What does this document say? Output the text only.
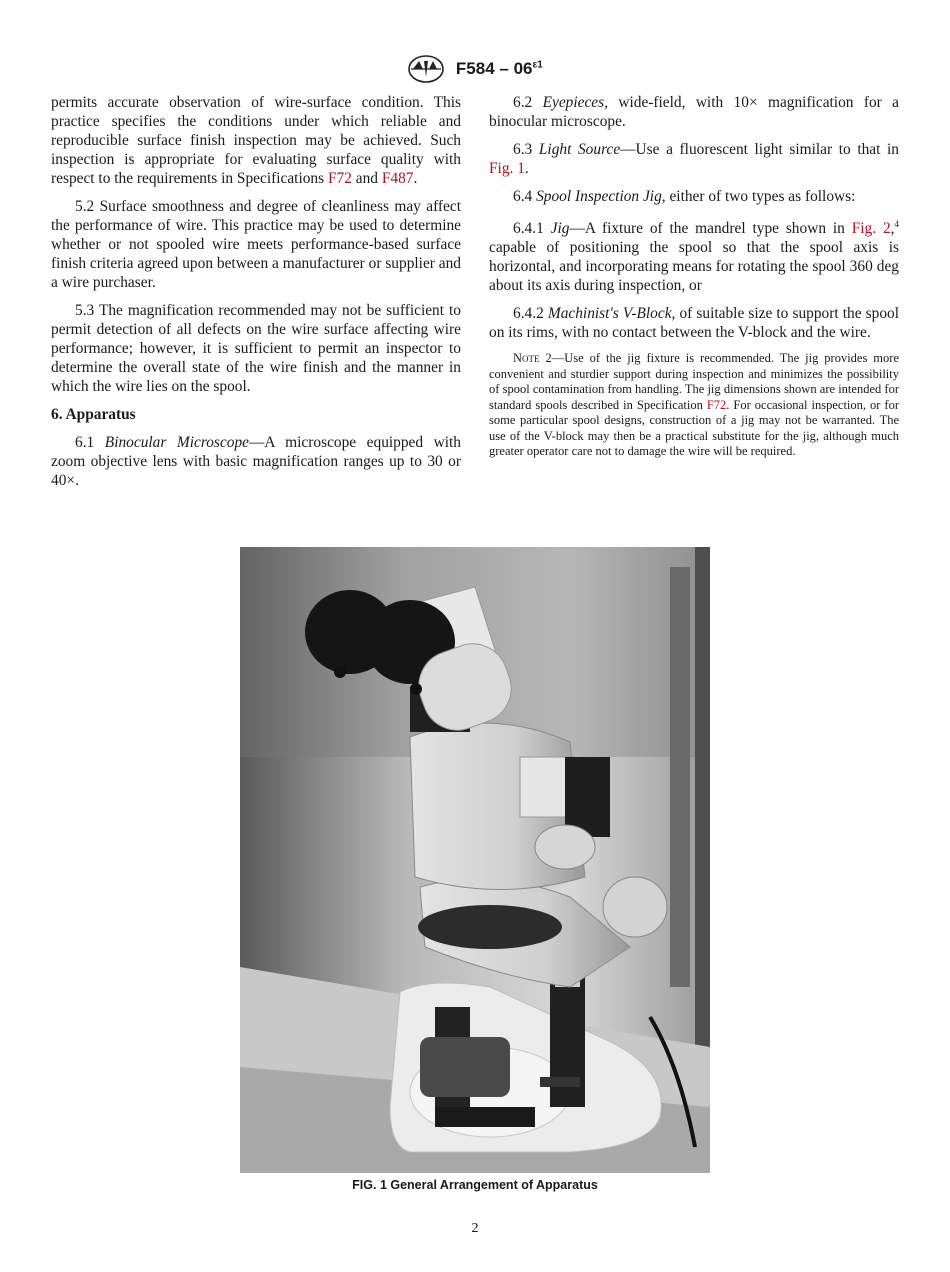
$F584 - 06^{\varepsilon 1}$

permits accurate observation of wire-surface condition. This practice specifies the conditions under which reliable and reproducible surface finish inspection may be achieved. Such inspection is appropriate for evaluating surface quality with respect to the requirements in Specifications F72 and F487.

5.2 Surface smoothness and degree of cleanliness may affect the performance of wire. This practice may be used to determine whether or not spooled wire meets performance-based surface finish criteria agreed upon between a manufacturer or supplier and a wire purchaser.

5.3 The magnification recommended may not be sufficient to permit detection of all defects on the wire surface affecting wire performance; however, it is sufficient to permit an inspector to determine the overall state of the wire finish and the manner in which the wire lies on the spool.

6. Apparatus

6.1 Binocular Microscope—A microscope equipped with zoom objective lens with basic magnification ranges up to 30 or 40×.

6.2 Eyepieces, wide-field, with 10× magnification for a binocular microscope.

6.3 Light Source—Use a fluorescent light similar to that in Fig. 1.

6.4 Spool Inspection Jig, either of two types as follows:

6.4.1 Jig—A fixture of the mandrel type shown in Fig. 2,$^4$ capable of positioning the spool so that the spool axis is horizontal, and incorporating means for rotating the spool 360 deg about its axis during inspection, or

6.4.2 Machinist's V-Block, of suitable size to support the spool on its rims, with no contact between the V-block and the wire.

Note 2—Use of the jig fixture is recommended. The jig provides more convenient and sturdier support during inspection and minimizes the possibility of spool contamination from handling. The jig dimensions shown are intended for standard spools described in Specification F72. For occasional inspection, or for some particular spool designs, construction of a jig may not be warranted. The use of the V-block may then be a practical substitute for the jig, although much greater operator care not to damage the wire will be required.

FIG. 1 General Arrangement of Apparatus
2
